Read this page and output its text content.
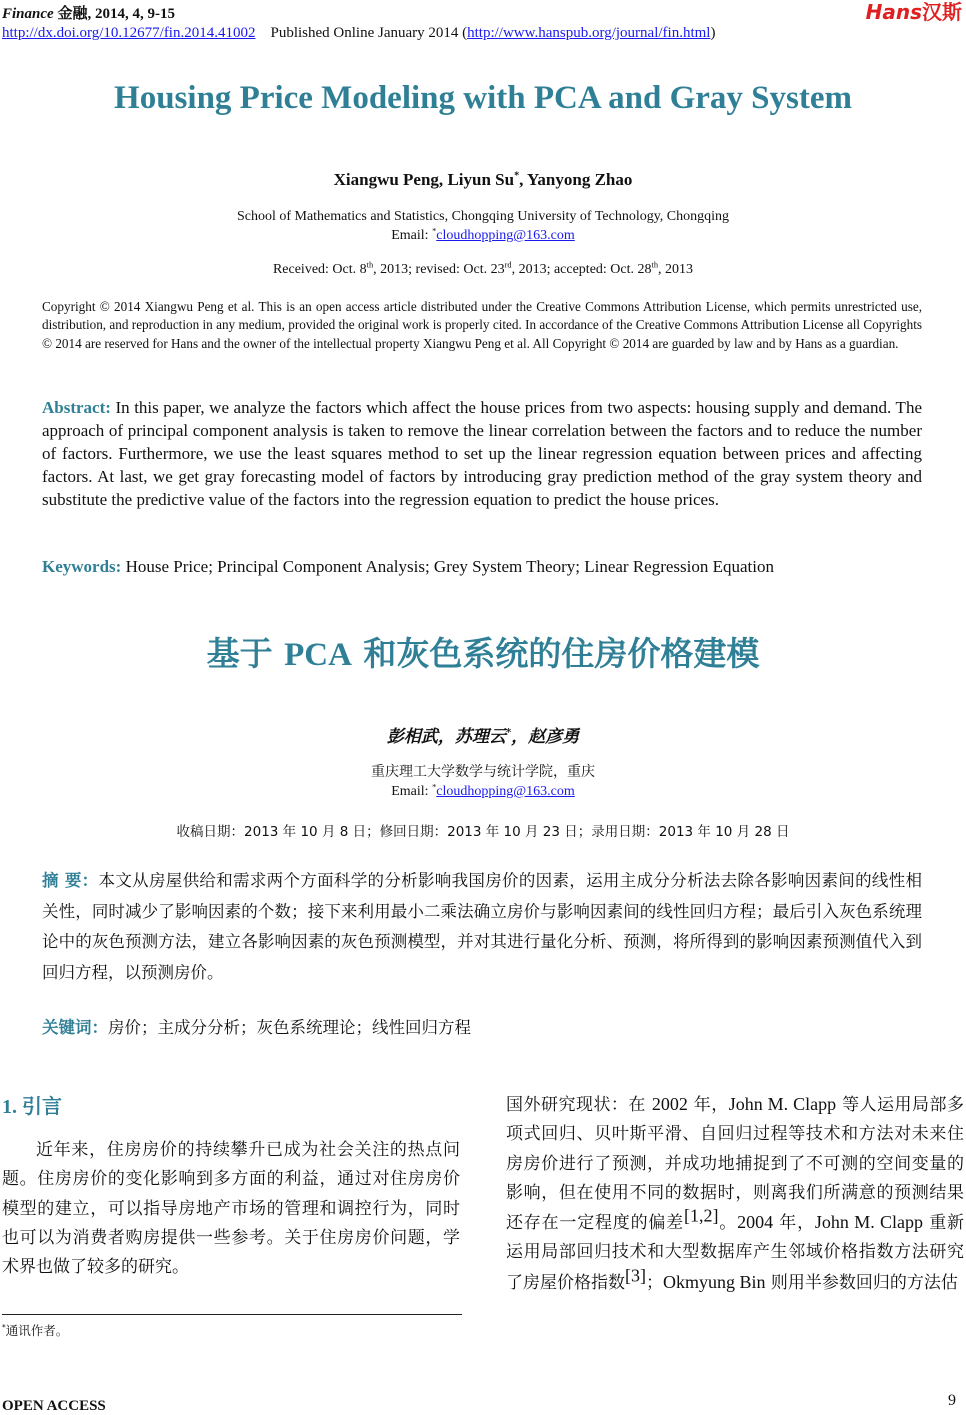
Finance 金融, 2014, 4, 9-15
http://dx.doi.org/10.12677/fin.2014.41002 Published Online January 2014 (http://www.hanspub.org/journal/fin.html)
Hans汉斯
Housing Price Modeling with PCA and Gray System
Xiangwu Peng, Liyun Su*, Yanyong Zhao
School of Mathematics and Statistics, Chongqing University of Technology, Chongqing
Email: *cloudhopping@163.com
Received: Oct. 8th, 2013; revised: Oct. 23rd, 2013; accepted: Oct. 28th, 2013
Copyright © 2014 Xiangwu Peng et al. This is an open access article distributed under the Creative Commons Attribution License, which permits unrestricted use, distribution, and reproduction in any medium, provided the original work is properly cited. In accordance of the Creative Commons Attribution License all Copyrights © 2014 are reserved for Hans and the owner of the intellectual property Xiangwu Peng et al. All Copyright © 2014 are guarded by law and by Hans as a guardian.
Abstract: In this paper, we analyze the factors which affect the house prices from two aspects: housing supply and demand. The approach of principal component analysis is taken to remove the linear correlation between the factors and to reduce the number of factors. Furthermore, we use the least squares method to set up the linear regression equation between prices and affecting factors. At last, we get gray forecasting model of factors by introducing gray prediction method of the gray system theory and substitute the predictive value of the factors into the regression equation to predict the house prices.
Keywords: House Price; Principal Component Analysis; Grey System Theory; Linear Regression Equation
基于 PCA 和灰色系统的住房价格建模
彭相武，苏理云*，赵彦勇
重庆理工大学数学与统计学院，重庆
Email: *cloudhopping@163.com
收稿日期：2013 年 10 月 8 日；修回日期：2013 年 10 月 23 日；录用日期：2013 年 10 月 28 日
摘 要：本文从房屋供给和需求两个方面科学的分析影响我国房价的因素，运用主成分分析法去除各影响因素间的线性相关性，同时减少了影响因素的个数；接下来利用最小二乘法确立房价与影响因素间的线性回归方程；最后引入灰色系统理论中的灰色预测方法，建立各影响因素的灰色预测模型，并对其进行量化分析、预测，将所得到的影响因素预测值代入到回归方程，以预测房价。
关键词：房价；主成分分析；灰色系统理论；线性回归方程
1. 引言
近年来，住房房价的持续攀升已成为社会关注的热点问题。住房房价的变化影响到多方面的利益，通过对住房房价模型的建立，可以指导房地产市场的管理和调控行为，同时也可以为消费者购房提供一些参考。关于住房房价问题，学术界也做了较多的研究。
国外研究现状：在 2002 年，John M. Clapp 等人运用局部多项式回归、贝叶斯平滑、自回归过程等技术和方法对未来住房房价进行了预测，并成功地捕捉到了不可测的空间变量的影响，但在使用不同的数据时，则离我们所满意的预测结果还存在一定程度的偏差[1,2]。2004 年，John M. Clapp 重新运用局部回归技术和大型数据库产生邻域价格指数方法研究了房屋价格指数[3]；Okmyung Bin 则用半参数回归的方法估
*通讯作者。
OPEN ACCESS	9
